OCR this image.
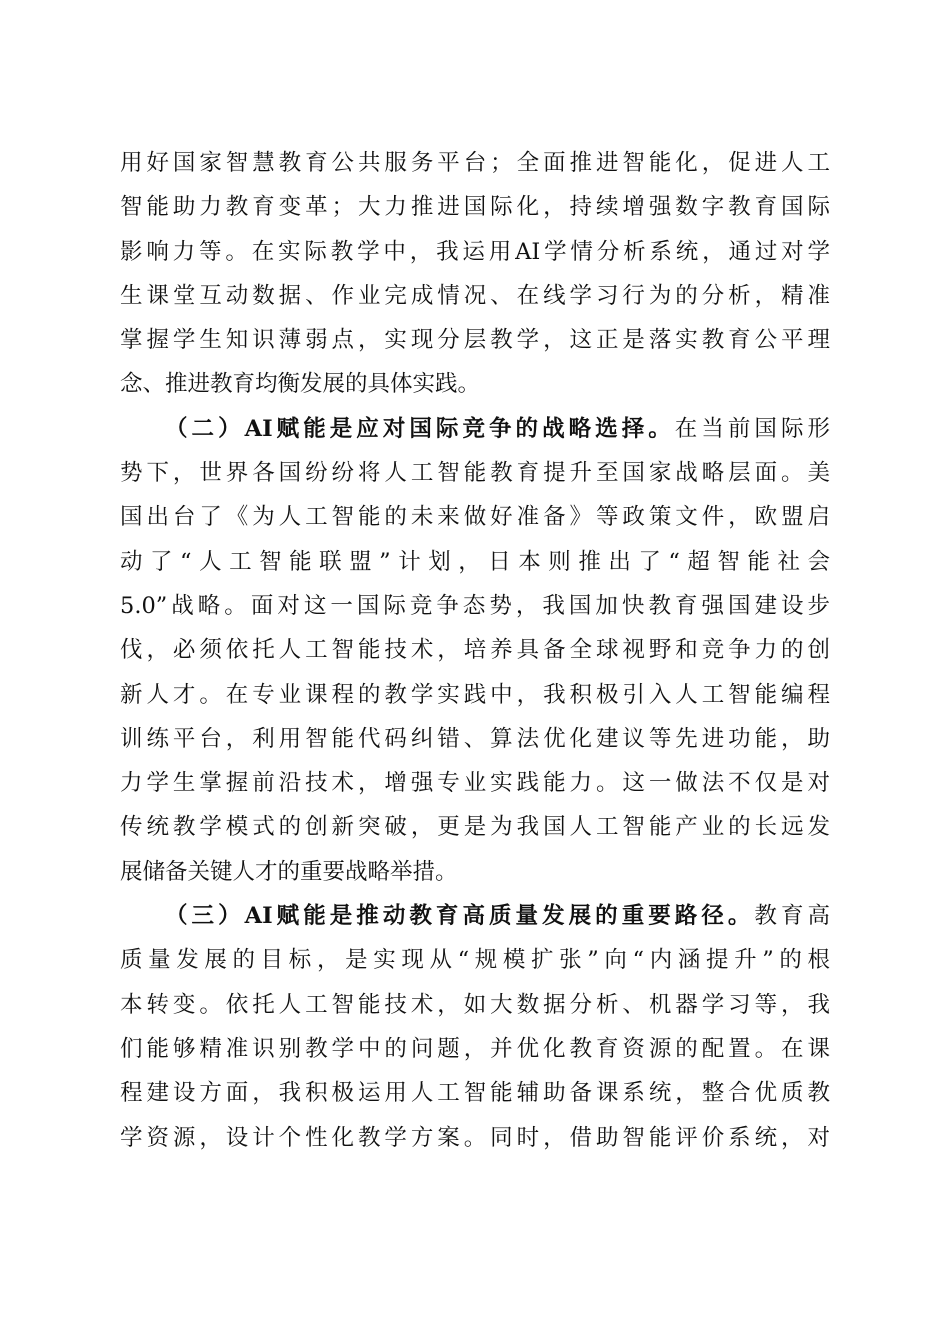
用好国家智慧教育公共服务平台；全面推进智能化，促进人工
智能助力教育变革；大力推进国际化，持续增强数字教育国际
影响力等。在实际教学中，我运用AI学情分析系统，通过对学
生课堂互动数据、作业完成情况、在线学习行为的分析，精准
掌握学生知识薄弱点，实现分层教学，这正是落实教育公平理
念、推进教育均衡发展的具体实践。
（二）AI赋能是应对国际竞争的战略选择。在当前国际形
势下，世界各国纷纷将人工智能教育提升至国家战略层面。美
国出台了《为人工智能的未来做好准备》等政策文件，欧盟启
动了“人工智能联盟”计划，日本则推出了“超智能社会
5.0”战略。面对这一国际竞争态势，我国加快教育强国建设步
伐，必须依托人工智能技术，培养具备全球视野和竞争力的创
新人才。在专业课程的教学实践中，我积极引入人工智能编程
训练平台，利用智能代码纠错、算法优化建议等先进功能，助
力学生掌握前沿技术，增强专业实践能力。这一做法不仅是对
传统教学模式的创新突破，更是为我国人工智能产业的长远发
展储备关键人才的重要战略举措。
（三）AI赋能是推动教育高质量发展的重要路径。教育高
质量发展的目标，是实现从“规模扩张”向“内涵提升”的根
本转变。依托人工智能技术，如大数据分析、机器学习等，我
们能够精准识别教学中的问题，并优化教育资源的配置。在课
程建设方面，我积极运用人工智能辅助备课系统，整合优质教
学资源，设计个性化教学方案。同时，借助智能评价系统，对
